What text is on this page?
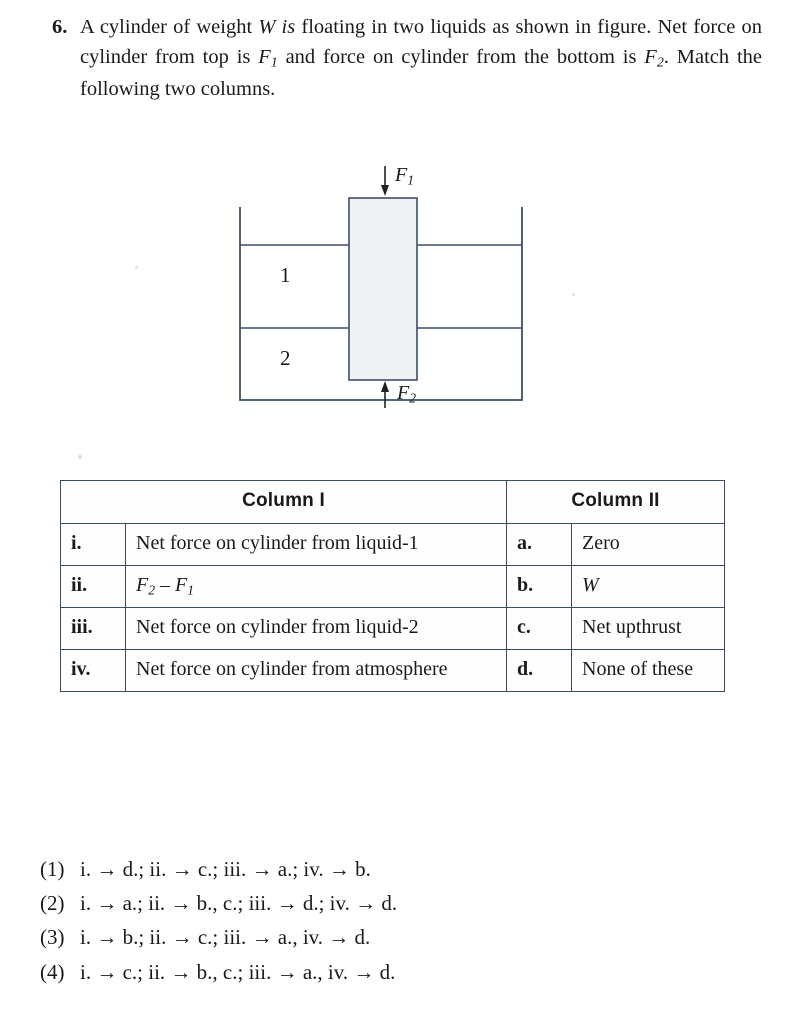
6. A cylinder of weight W is floating in two liquids as shown in figure. Net force on cylinder from top is $F_1$ and force on cylinder from the bottom is $F_2$. Match the following two columns.
$F_1$
$F_2$
1
2
Column I		Column II	
i.	Net force on cylinder from liquid-1	a.	Zero
ii.	$F_2 - F_1$	b.	W
iii.	Net force on cylinder from liquid-2	c.	Net upthrust
iv.	Net force on cylinder from atmosphere	d.	None of these
(1) i. → d.; ii. → c.; iii. → a.; iv. → b.
(2) i. → a.; ii. → b., c.; iii. → d.; iv. → d.
(3) i. → b.; ii. → c.; iii. → a., iv. → d.
(4) i. → c.; ii. → b., c.; iii. → a., iv. → d.
